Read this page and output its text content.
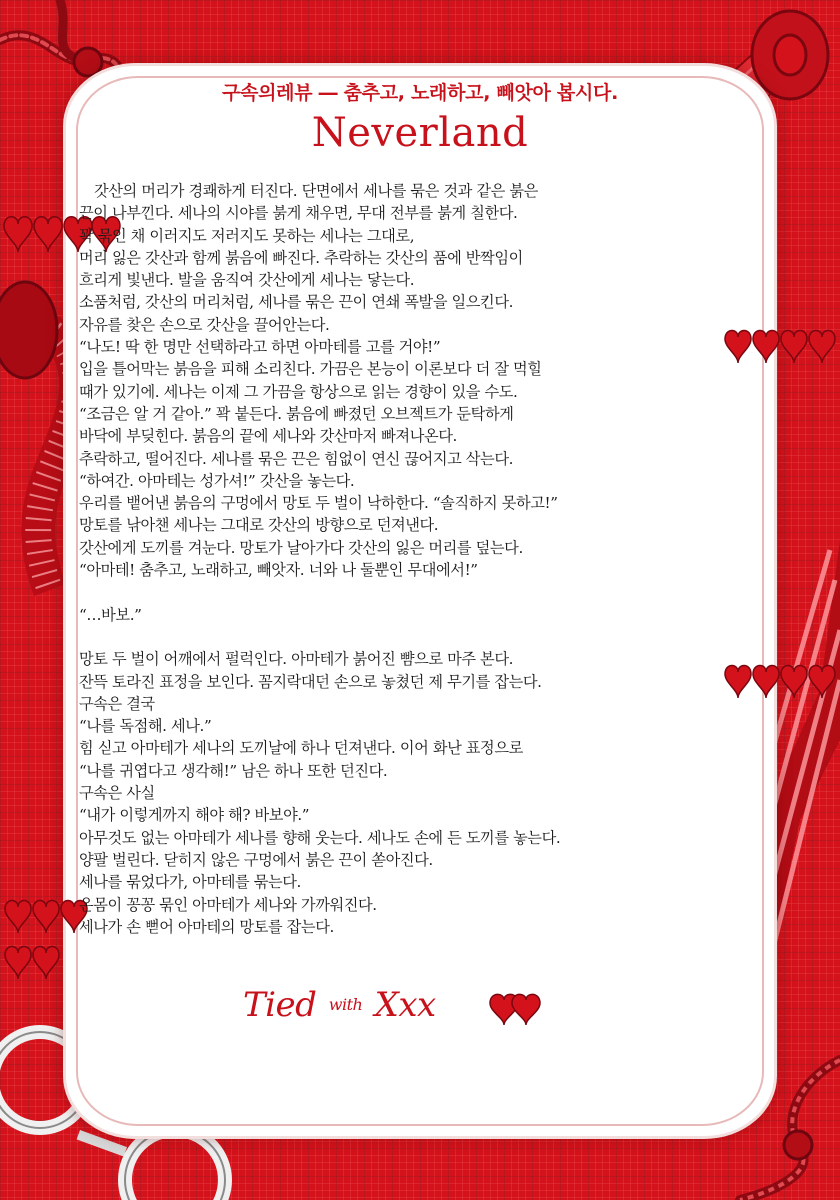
구속의레뷰 ― 춤추고, 노래하고, 빼앗아 봅시다.
Neverland
갓산의 머리가 경쾌하게 터진다. 단면에서 세나를 묶은 것과 같은 붉은
끈이 나부낀다. 세나의 시야를 붉게 채우면, 무대 전부를 붉게 칠한다.
꽉 묶인 채 이러지도 저러지도 못하는 세나는 그대로,
머리 잃은 갓산과 함께 붉음에 빠진다. 추락하는 갓산의 품에 반짝임이
흐리게 빛낸다. 발을 움직여 갓산에게 세나는 닿는다.
소품처럼, 갓산의 머리처럼, 세나를 묶은 끈이 연쇄 폭발을 일으킨다.
자유를 찾은 손으로 갓산을 끌어안는다.
“나도! 딱 한 명만 선택하라고 하면 아마테를 고를 거야!”
입을 틀어막는 붉음을 피해 소리친다. 가끔은 본능이 이론보다 더 잘 먹힐
때가 있기에. 세나는 이제 그 가끔을 항상으로 읽는 경향이 있을 수도.
“조금은 알 거 같아.” 꽉 붙든다. 붉음에 빠졌던 오브젝트가 둔탁하게
바닥에 부딪힌다. 붉음의 끝에 세나와 갓산마저 빠져나온다.
추락하고, 떨어진다. 세나를 묶은 끈은 힘없이 연신 끊어지고 삭는다.
“하여간. 아마테는 성가셔!” 갓산을 놓는다.
우리를 뱉어낸 붉음의 구멍에서 망토 두 벌이 낙하한다. “솔직하지 못하고!”
망토를 낚아챈 세나는 그대로 갓산의 방향으로 던져낸다.
갓산에게 도끼를 겨눈다. 망토가 날아가다 갓산의 잃은 머리를 덮는다.
“아마테! 춤추고, 노래하고, 빼앗자. 너와 나 둘뿐인 무대에서!”
“…바보.”
망토 두 벌이 어깨에서 펄럭인다. 아마테가 붉어진 뺨으로 마주 본다.
잔뜩 토라진 표정을 보인다. 꼼지락대던 손으로 놓쳤던 제 무기를 잡는다.
구속은 결국
“나를 독점해. 세나.”
힘 싣고 아마테가 세나의 도끼날에 하나 던져낸다. 이어 화난 표정으로
“나를 귀엽다고 생각해!” 남은 하나 또한 던진다.
구속은 사실
“내가 이렇게까지 해야 해? 바보야.”
아무것도 없는 아마테가 세나를 향해 웃는다. 세나도 손에 든 도끼를 놓는다.
양팔 벌린다. 닫히지 않은 구멍에서 붉은 끈이 쏟아진다.
세나를 묶었다가, 아마테를 묶는다.
온몸이 꽁꽁 묶인 아마테가 세나와 가까워진다.
세나가 손 뻗어 아마테의 망토를 잡는다.
Tied with Xxx
